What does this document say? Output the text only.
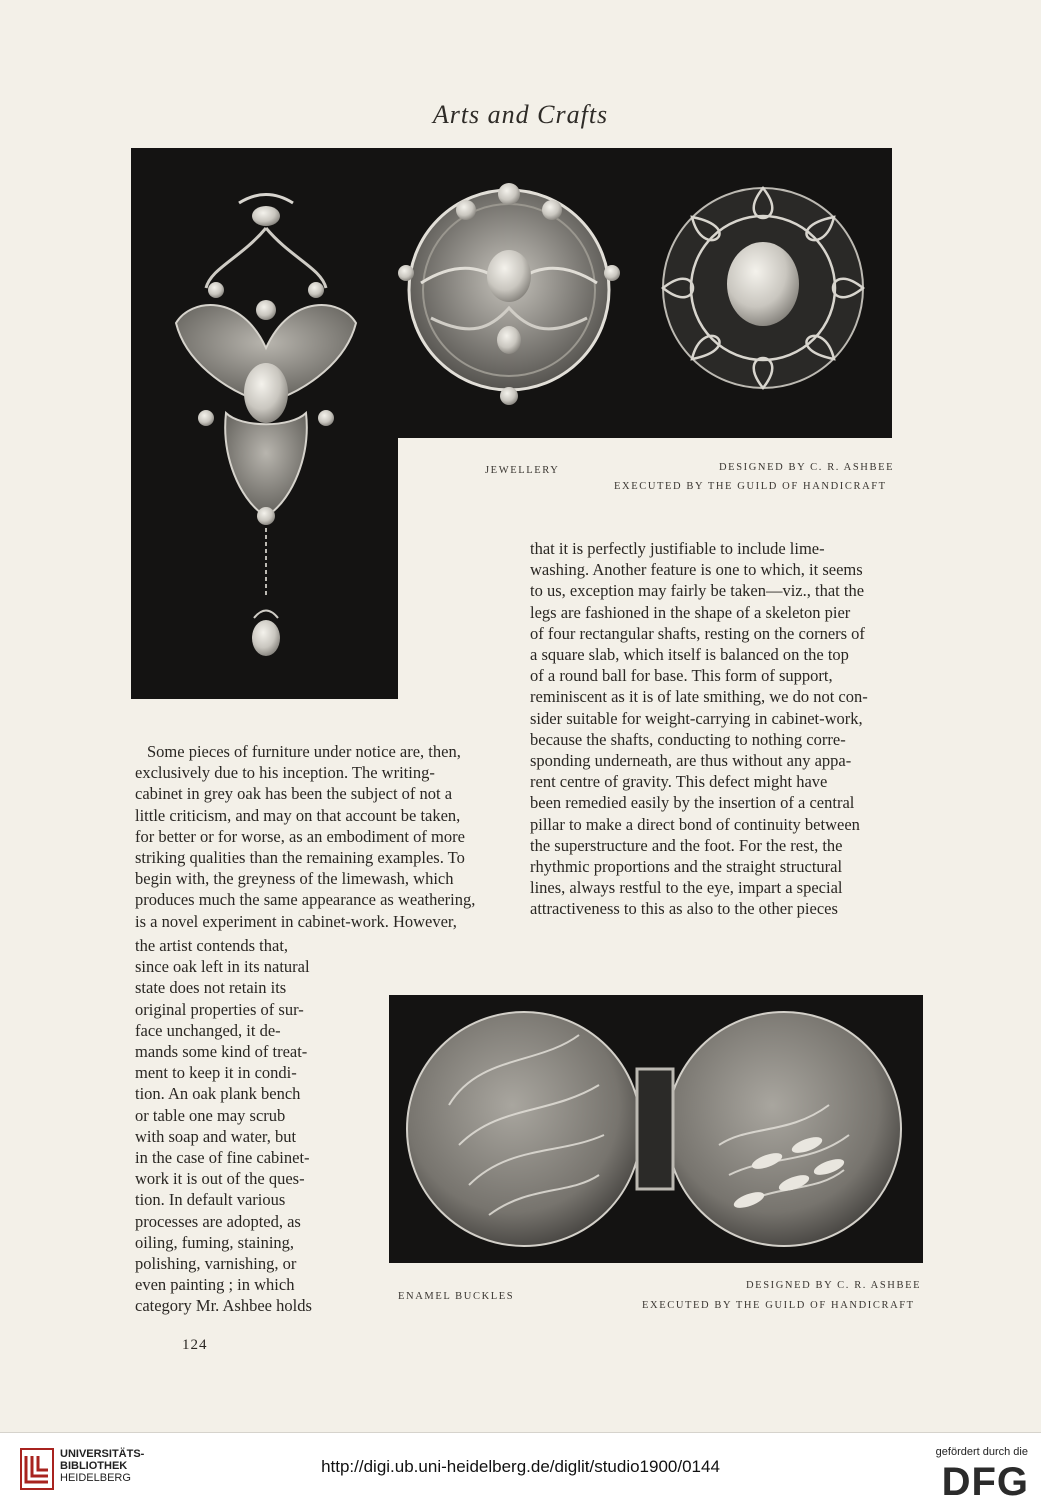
Arts and Crafts
JEWELLERY	DESIGNED BY C. R. ASHBEE
EXECUTED BY THE GUILD OF HANDICRAFT
that it is perfectly justifiable to include lime-
washing. Another feature is one to which, it seems
to us, exception may fairly be taken—viz., that the
legs are fashioned in the shape of a skeleton pier
of four rectangular shafts, resting on the corners of
a square slab, which itself is balanced on the top
of a round ball for base. This form of support,
reminiscent as it is of late smithing, we do not con-
sider suitable for weight-carrying in cabinet-work,
because the shafts, conducting to nothing corre-
sponding underneath, are thus without any appa-
rent centre of gravity. This defect might have
been remedied easily by the insertion of a central
pillar to make a direct bond of continuity between
the superstructure and the foot. For the rest, the
rhythmic proportions and the straight structural
lines, always restful to the eye, impart a special
attractiveness to this as also to the other pieces
Some pieces of furniture under notice are, then,
exclusively due to his inception. The writing-
cabinet in grey oak has been the subject of not a
little criticism, and may on that account be taken,
for better or for worse, as an embodiment of more
striking qualities than the remaining examples. To
begin with, the greyness of the limewash, which
produces much the same appearance as weathering,
is a novel experiment in cabinet-work. However,
the artist contends that,
since oak left in its natural
state does not retain its
original properties of sur-
face unchanged, it de-
mands some kind of treat-
ment to keep it in condi-
tion. An oak plank bench
or table one may scrub
with soap and water, but
in the case of fine cabinet-
work it is out of the ques-
tion. In default various
processes are adopted, as
oiling, fuming, staining,
polishing, varnishing, or
even painting ; in which
category Mr. Ashbee holds	ENAMEL BUCKLES
DESIGNED BY C. R. ASHBEE
EXECUTED BY THE GUILD OF HANDICRAFT
124
UNIVERSITÄTS-
BIBLIOTHEK
HEIDELBERG
http://digi.ub.uni-heidelberg.de/diglit/studio1900/0144
gefördert durch die
DFG
